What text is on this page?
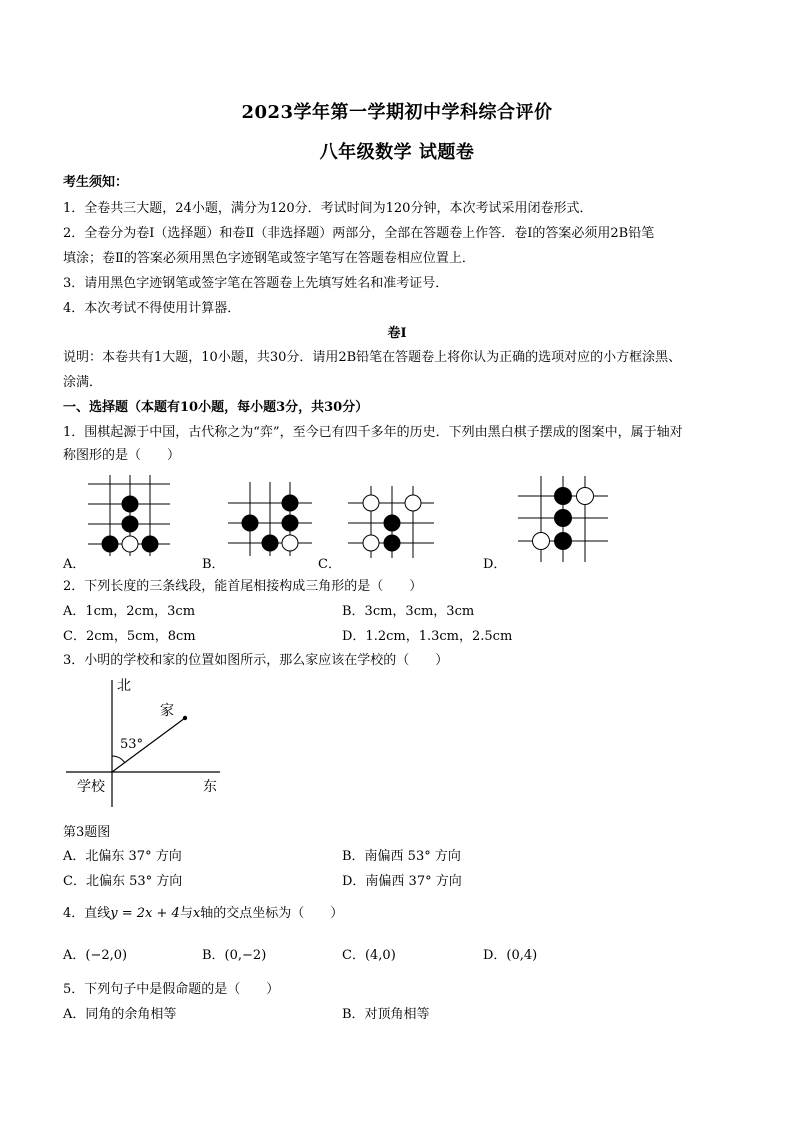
2023学年第一学期初中学科综合评价
八年级数学 试题卷
考生须知：
1．全卷共三大题，24小题，满分为120分．考试时间为120分钟，本次考试采用闭卷形式．
2．全卷分为卷Ⅰ（选择题）和卷Ⅱ（非选择题）两部分，全部在答题卷上作答．卷Ⅰ的答案必须用2B铅笔
填涂；卷Ⅱ的答案必须用黑色字迹钢笔或签字笔写在答题卷相应位置上．
3．请用黑色字迹钢笔或签字笔在答题卷上先填写姓名和准考证号．
4．本次考试不得使用计算器．
卷Ⅰ
说明：本卷共有1大题，10小题，共30分．请用2B铅笔在答题卷上将你认为正确的选项对应的小方框涂黑、
涂满．
一、选择题（本题有10小题，每小题3分，共30分）
1．围棋起源于中国，古代称之为“弈”，至今已有四千多年的历史．下列由黑白棋子摆成的图案中，属于轴对
称图形的是（　　）
A．	B．	C．	D．
2．下列长度的三条线段，能首尾相接构成三角形的是（　　）
A．1cm，2cm，3cm	B．3cm，3cm，3cm
C．2cm，5cm，8cm	D．1.2cm，1.3cm，2.5cm
3．小明的学校和家的位置如图所示，那么家应该在学校的（　　）
北
家
53°
学校	东
第3题图
A．北偏东 37° 方向	B．南偏西 53° 方向
C．北偏东 53° 方向	D．南偏西 37° 方向
4．直线y = 2x + 4与x轴的交点坐标为（　　）
A．(−2,0)	B．(0,−2)	C．(4,0)	D．(0,4)
5．下列句子中是假命题的是（　　）
A．同角的余角相等	B．对顶角相等
